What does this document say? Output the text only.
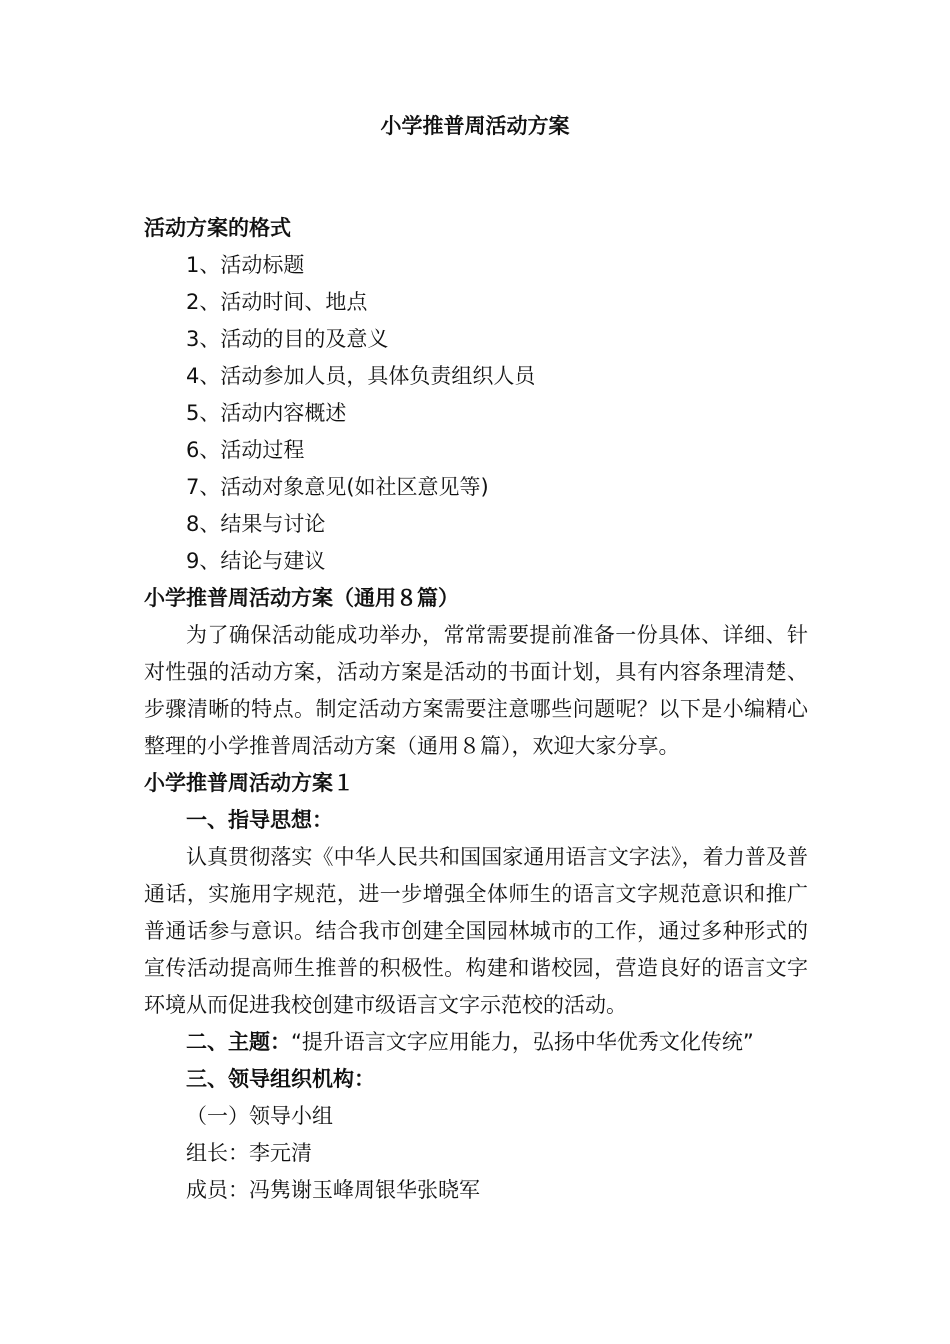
小学推普周活动方案

活动方案的格式

1、活动标题

2、活动时间、地点

3、活动的目的及意义

4、活动参加人员，具体负责组织人员

5、活动内容概述

6、活动过程

7、活动对象意见(如社区意见等)

8、结果与讨论

9、结论与建议

小学推普周活动方案（通用８篇）

为了确保活动能成功举办，常常需要提前准备一份具体、详细、针对性强的活动方案，活动方案是活动的书面计划，具有内容条理清楚、步骤清晰的特点。制定活动方案需要注意哪些问题呢？以下是小编精心整理的小学推普周活动方案（通用８篇），欢迎大家分享。

小学推普周活动方案１

一、指导思想：

认真贯彻落实《中华人民共和国国家通用语言文字法》，着力普及普通话，实施用字规范，进一步增强全体师生的语言文字规范意识和推广普通话参与意识。结合我市创建全国园林城市的工作，通过多种形式的宣传活动提高师生推普的积极性。构建和谐校园，营造良好的语言文字环境从而促进我校创建市级语言文字示范校的活动。

二、主题：“提升语言文字应用能力，弘扬中华优秀文化传统”

三、领导组织机构：

（一）领导小组

组长：李元清

成员：冯隽谢玉峰周银华张晓军
